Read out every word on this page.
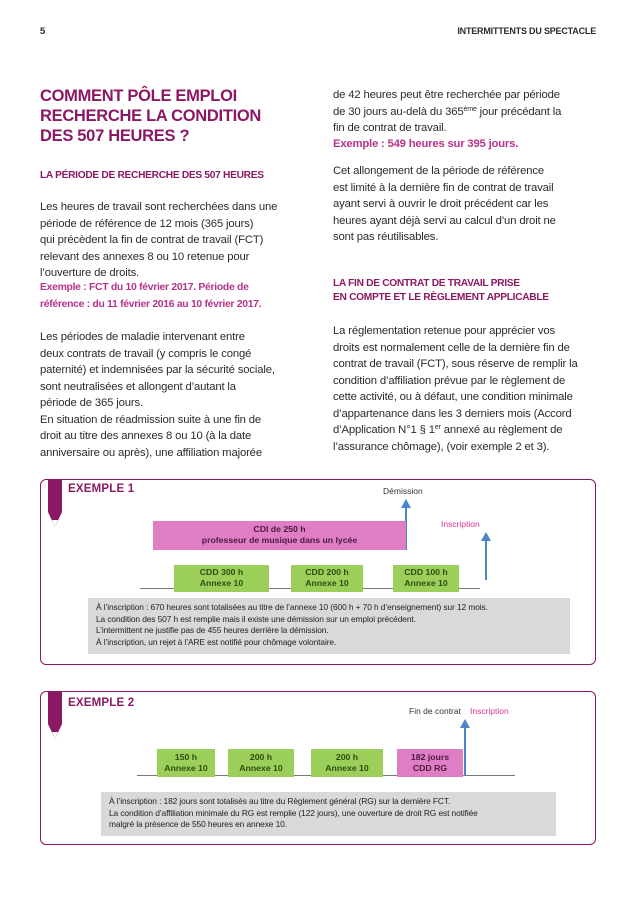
5	INTERMITTENTS DU SPECTACLE
COMMENT PÔLE EMPLOI
RECHERCHE LA CONDITION
DES 507 HEURES ?
LA PÉRIODE DE RECHERCHE DES 507 HEURES
Les heures de travail sont recherchées dans une
période de référence de 12 mois (365 jours)
qui précèdent la fin de contrat de travail (FCT)
relevant des annexes 8 ou 10 retenue pour
l’ouverture de droits.
Exemple : FCT du 10 février 2017. Période de
référence : du 11 février 2016 au 10 février 2017.
Les périodes de maladie intervenant entre
deux contrats de travail (y compris le congé
paternité) et indemnisées par la sécurité sociale,
sont neutralisées et allongent d’autant la
période de 365 jours.
En situation de réadmission suite à une fin de
droit au titre des annexes 8 ou 10 (à la date
anniversaire ou après), une affiliation majorée
de 42 heures peut être recherchée par période
de 30 jours au-delà du 365ème jour précédant la
fin de contrat de travail.
Exemple : 549 heures sur 395 jours.
Cet allongement de la période de référence
est limité à la dernière fin de contrat de travail
ayant servi à ouvrir le droit précédent car les
heures ayant déjà servi au calcul d’un droit ne
sont pas réutilisables.
LA FIN DE CONTRAT DE TRAVAIL PRISE
EN COMPTE ET LE RÈGLEMENT APPLICABLE
La réglementation retenue pour apprécier vos
droits est normalement celle de la dernière fin de
contrat de travail (FCT), sous réserve de remplir la
condition d’affiliation prévue par le règlement de
cette activité, ou à défaut, une condition minimale
d’appartenance dans les 3 derniers mois (Accord
d’Application N°1 § 1er annexé au règlement de
l’assurance chômage), (voir exemple 2 et 3).
EXEMPLE 1	Démission
Inscription
CDI de 250 h
professeur de musique dans un lycée
CDD 300 h
Annexe 10
CDD 200 h
Annexe 10
CDD 100 h
Annexe 10
À l’inscription : 670 heures sont totalisées au titre de l’annexe 10 (600 h + 70 h d’enseignement) sur 12 mois.
La condition des 507 h est remplie mais il existe une démission sur un emploi précédent.
L’intermittent ne justifie pas de 455 heures derrière la démission.
À l’inscription, un rejet à l’ARE est notifié pour chômage volontaire.
EXEMPLE 2
Fin de contrat Inscription
150 h
Annexe 10
200 h
Annexe 10
200 h
Annexe 10
182 jours
CDD RG
À l’inscription : 182 jours sont totalisés au titre du Règlement général (RG) sur la dernière FCT.
La condition d’affiliation minimale du RG est remplie (122 jours), une ouverture de droit RG est notifiée
malgré la présence de 550 heures en annexe 10.
